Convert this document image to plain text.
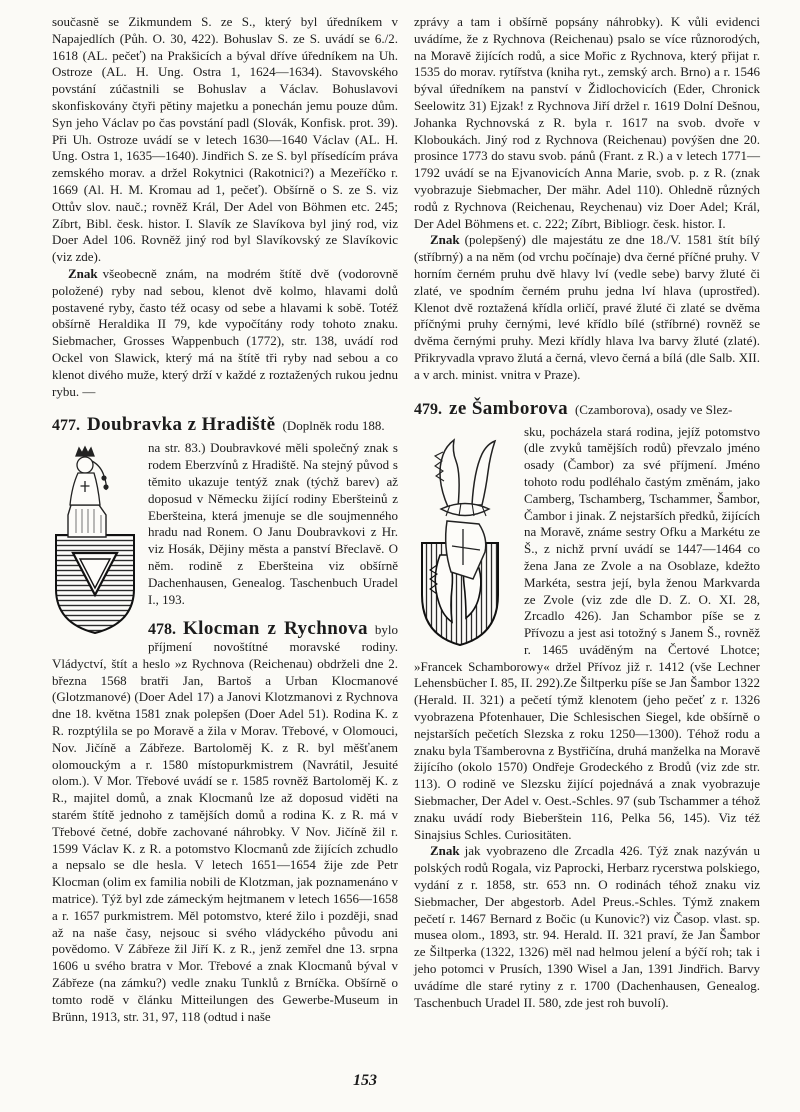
současně se Zikmundem S. ze S., který byl úředníkem v Napajedlích (Půh. O. 30, 422). Bohuslav S. ze S. uvádí se 6./2. 1618 (AL. pečeť) na Prakšicích a býval dříve úředníkem na Uh. Ostroze (AL. H. Ung. Ostra 1, 1624—1634). Stavovského povstání zúčastnili se Bohuslav a Václav. Bohuslavovi skonfiskovány čtyři pětiny majetku a ponechán jemu pouze dům. Syn jeho Václav po čas povstání padl (Slovák, Konfisk. prot. 39). Při Uh. Ostroze uvádí se v letech 1630—1640 Václav (AL. H. Ung. Ostra 1, 1635—1640). Jindřich S. ze S. byl přísedícím práva zemského morav. a držel Rokytnici (Rakotnici?) a Mezeříčko r. 1669 (Al. H. M. Kromau ad 1, pečeť). Obšírně o S. ze S. viz Ottův slov. nauč.; rovněž Král, Der Adel von Böhmen etc. 245; Zíbrt, Bibl. česk. histor. I. Slavík ze Slavíkova byl jiný rod, viz Doer Adel 106. Rovněž jiný rod byl Slavíkovský ze Slavíkovic (viz zde).

Znak všeobecně znám, na modrém štítě dvě (vodorovně položené) ryby nad sebou, klenot dvě kolmo, hlavami dolů postavené ryby, často též ocasy od sebe a hlavami k sobě. Totéž obšírně Heraldika II 79, kde vypočítány rody tohoto znaku. Siebmacher, Grosses Wappenbuch (1772), str. 138, uvádí rod Ockel von Slawick, který má na štítě tři ryby nad sebou a co klenot divého muže, který drží v každé z roztažených rukou jednu rybu. —

477. Doubravka z Hradiště (Doplněk rodu 188.
na str. 83.) Doubravkové měli společný znak s rodem Eberzvínů z Hradiště. Na stejný původ s těmito ukazuje tentýž znak (týchž barev) až doposud v Německu žijící rodiny Eberšteinů z Eberšteina, která jmenuje se dle soujmenného hradu nad Ronem. O Janu Doubravkovi z Hr. viz Hosák, Dějiny města a panství Břeclavě. O něm. rodině z Eberšteina viz obšírně Dachenhausen, Genealog. Taschenbuch Uradel I., 193.
478. Klocman z Rychnova bylo příjmení novoštítné moravské rodiny. Vládyctví, štít a heslo »z Rychnova (Reichenau) obdrželi dne 2. března 1568 bratři Jan, Bartoš a Urban Klocmanové (Glotzmanové) (Doer Adel 17) a Janovi Klotzmanovi z Rychnova dne 18. května 1581 znak polepšen (Doer Adel 51). Rodina K. z R. rozptýlila se po Moravě a žila v Morav. Třebové, v Olomouci, Nov. Jičíně a Zábřeze. Bartoloměj K. z R. byl měšťanem olomouckým a r. 1580 místopurkmistrem (Navrátil, Jesuité olom.). V Mor. Třebové uvádí se r. 1585 rovněž Bartoloměj K. z R., majitel domů, a znak Klocmanů lze až doposud viděti na starém štítě jednoho z tamějších domů a rodina K. z R. má v Třebové četné, dobře zachované náhrobky. V Nov. Jičíně žil r. 1599 Václav K. z R. a potomstvo Klocmanů zde žijících zchudlo a nepsalo se dle hesla. V letech 1651—1654 žije zde Petr Klocman (olim ex familia nobili de Klotzman, jak poznamenáno v matrice). Týž byl zde zámeckým hejtmanem v letech 1656—1658 a r. 1657 purkmistrem. Měl potomstvo, které žilo i později, snad až na naše časy, nejsouc si svého vládyckého původu ani povědomo. V Zábřeze žil Jiří K. z R., jenž zemřel dne 13. srpna 1606 u svého bratra v Mor. Třebové a znak Klocmanů býval v Zábřeze (na zámku?) vedle znaku Tunklů z Brníčka. Obšírně o tomto rodě v článku Mitteilungen des Gewerbe-Museum in Brünn, 1913, str. 31, 97, 118 (odtud i naše

zprávy a tam i obšírně popsány náhrobky). K vůli evidenci uvádíme, že z Rychnova (Reichenau) psalo se více různorodých, na Moravě žijících rodů, a sice Mořic z Rychnova, který přijat r. 1535 do morav. rytířstva (kniha ryt., zemský arch. Brno) a r. 1546 býval úředníkem na panství v Židlochovicích (Eder, Chronick Seelowitz 31) Ejzak! z Rychnova Jiří držel r. 1619 Dolní Dešnou, Johanka Rychnovská z R. byla r. 1617 na svob. dvoře v Kloboukách. Jiný rod z Rychnova (Reichenau) povýšen dne 20. prosince 1773 do stavu svob. pánů (Frant. z R.) a v letech 1771—1792 uvádí se na Ejvanovicích Anna Marie, svob. p. z R. (znak vyobrazuje Siebmacher, Der mähr. Adel 110). Ohledně různých rodů z Rychnova (Reichenau, Reychenau) viz Doer Adel; Král, Der Adel Böhmens et. c. 222; Zíbrt, Bibliogr. česk. histor. I.

Znak (polepšený) dle majestátu ze dne 18./V. 1581 štít bílý (stříbrný) a na něm (od vrchu počínaje) dva černé příčné pruhy. V horním černém pruhu dvě hlavy lví (vedle sebe) barvy žluté či zlaté, ve spodním černém pruhu jedna lví hlava (uprostřed). Klenot dvě roztažená křídla orličí, pravé žluté či zlaté se dvěma příčnými pruhy černými, levé křídlo bílé (stříbrné) rovněž se dvěma černými pruhy. Mezi křídly hlava lva barvy žluté (zlaté). Přikryvadla vpravo žlutá a černá, vlevo černá a bílá (dle Salb. XII. a v arch. minist. vnitra v Praze).

479. ze Šamborova (Czamborova), osady ve Slez-
sku, pocházela stará rodina, jejíž potomstvo (dle zvyků tamějších rodů) převzalo jméno osady (Čambor) za své příjmení. Jméno tohoto rodu podléhalo častým změnám, jako Camberg, Tschamberg, Tschammer, Šambor, Čambor i jinak. Z nejstarších předků, žijících na Moravě, známe sestry Ofku a Markétu ze Š., z nichž první uvádí se 1447—1464 co žena Jana ze Zvole a na Osoblaze, kdežto Markéta, sestra její, byla ženou Markvarda ze Zvole (viz zde dle D. Z. O. XI. 28, Zrcadlo 426). Jan Schambor píše se z Přívozu a jest asi totožný s Janem Š., rovněž r. 1465 uváděným na Čertové Lhotce; »Francek Schamborowy« držel Přívoz již r. 1412 (vše Lechner Lehensbücher I. 85, II. 292).Ze Šiltperku píše se Jan Šambor 1322 (Herald. II. 321) a pečetí týmž klenotem (jeho pečeť z r. 1326 vyobrazena Pfotenhauer, Die Schlesischen Siegel, kde obšírně o nejstarších pečetích Slezska z roku 1250—1300). Téhož rodu a znaku byla Tšamberovna z Bystřičína, druhá manželka na Moravě žijícího (okolo 1570) Ondřeje Grodeckého z Brodů (viz zde str. 113). O rodině ve Slezsku žijící pojednává a znak vyobrazuje Siebmacher, Der Adel v. Oest.-Schles. 97 (sub Tschammer a téhož znaku uvádí rody Bieberštein 116, Pelka 56, 145). Viz též Sinajsius Schles. Curiositäten.

Znak jak vyobrazeno dle Zrcadla 426. Týž znak nazýván u polských rodů Rogala, viz Paprocki, Herbarz rycerstwa polskiego, vydání z r. 1858, str. 653 nn. O rodinách téhož znaku viz Siebmacher, Der abgestorb. Adel Preus.-Schles. Týmž znakem pečetí r. 1467 Bernard z Bočic (u Kunovic?) viz Časop. vlast. sp. musea olom., 1893, str. 94. Herald. II. 321 praví, že Jan Šambor ze Šiltperka (1322, 1326) měl nad helmou jelení a býčí roh; tak i jeho potomci v Prusích, 1390 Wisel a Jan, 1391 Jindřich. Barvy uvádíme dle staré rytiny z r. 1700 (Dachenhausen, Genealog. Taschenbuch Uradel II. 580, zde jest roh buvolí).

153
